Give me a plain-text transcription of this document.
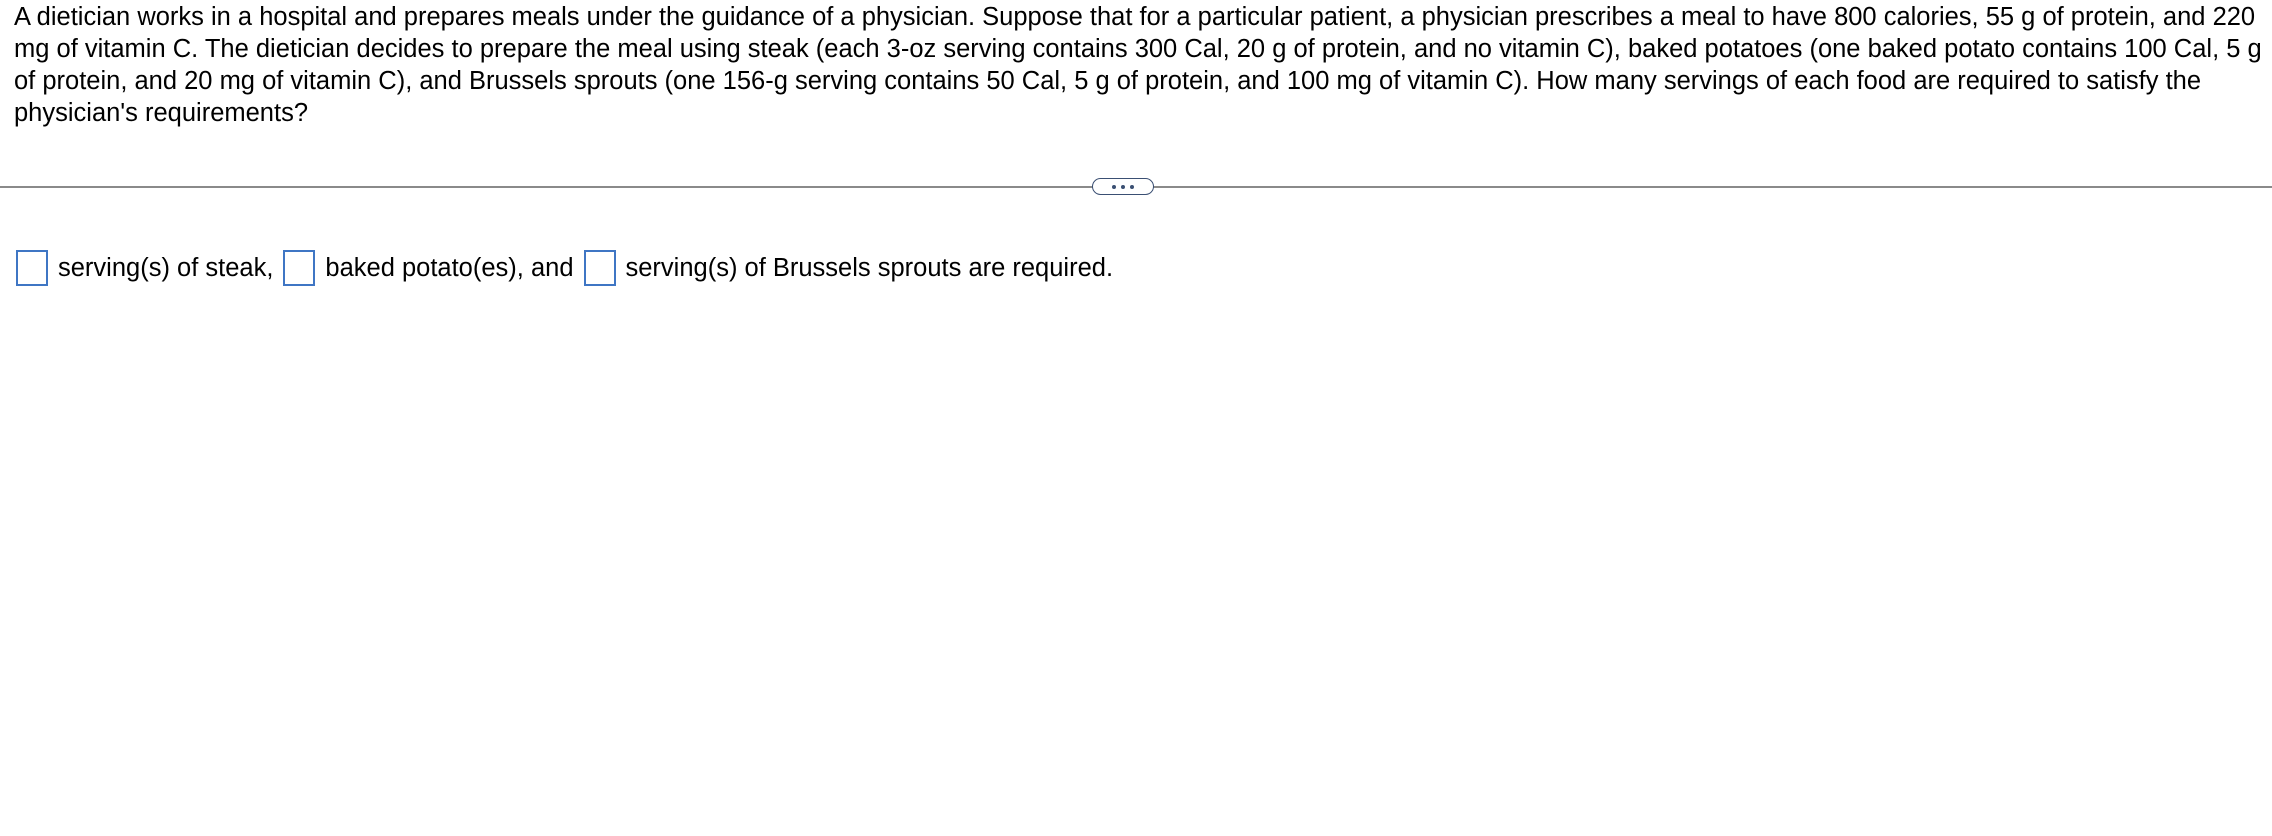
A dietician works in a hospital and prepares meals under the guidance of a physician. Suppose that for a particular patient, a physician prescribes a meal to have 800 calories, 55 g of protein, and 220 mg of vitamin C. The dietician decides to prepare the meal using steak (each 3-oz serving contains 300 Cal, 20 g of protein, and no vitamin C), baked potatoes (one baked potato contains 100 Cal, 5 g of protein, and 20 mg of vitamin C), and Brussels sprouts (one 156-g serving contains 50 Cal, 5 g of protein, and 100 mg of vitamin C). How many servings of each food are required to satisfy the physician's requirements?

serving(s) of steak, baked potato(es), and serving(s) of Brussels sprouts are required.
